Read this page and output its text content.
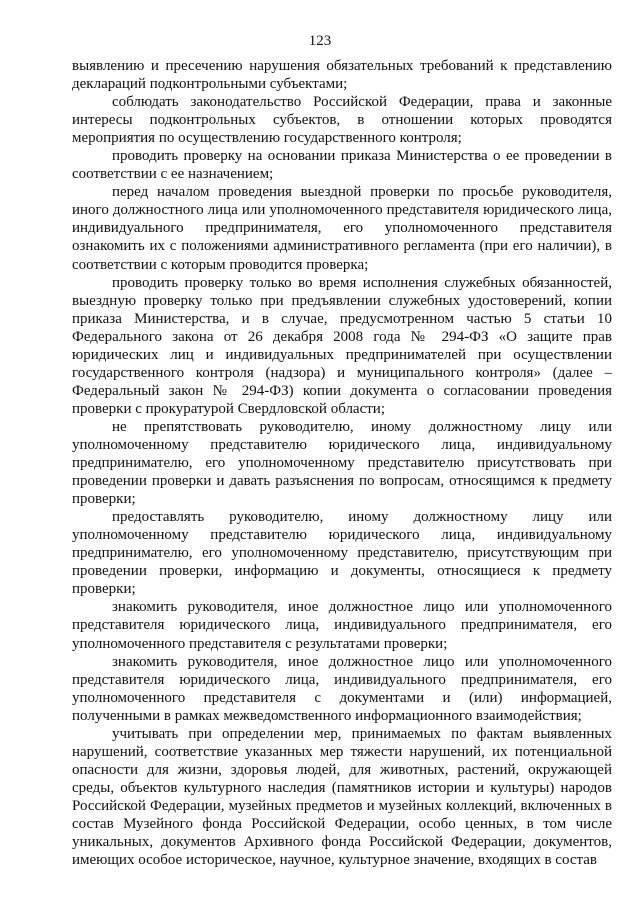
123

выявлению и пресечению нарушения обязательных требований к представлению деклараций подконтрольными субъектами;

соблюдать законодательство Российской Федерации, права и законные интересы подконтрольных субъектов, в отношении которых проводятся мероприятия по осуществлению государственного контроля;

проводить проверку на основании приказа Министерства о ее проведении в соответствии с ее назначением;

перед началом проведения выездной проверки по просьбе руководителя, иного должностного лица или уполномоченного представителя юридического лица, индивидуального предпринимателя, его уполномоченного представителя ознакомить их с положениями административного регламента (при его наличии), в соответствии с которым проводится проверка;

проводить проверку только во время исполнения служебных обязанностей, выездную проверку только при предъявлении служебных удостоверений, копии приказа Министерства, и в случае, предусмотренном частью 5 статьи 10 Федерального закона от 26 декабря 2008 года № 294-ФЗ «О защите прав юридических лиц и индивидуальных предпринимателей при осуществлении государственного контроля (надзора) и муниципального контроля» (далее – Федеральный закон № 294-ФЗ) копии документа о согласовании проведения проверки с прокуратурой Свердловской области;

не препятствовать руководителю, иному должностному лицу или уполномоченному представителю юридического лица, индивидуальному предпринимателю, его уполномоченному представителю присутствовать при проведении проверки и давать разъяснения по вопросам, относящимся к предмету проверки;

предоставлять руководителю, иному должностному лицу или уполномоченному представителю юридического лица, индивидуальному предпринимателю, его уполномоченному представителю, присутствующим при проведении проверки, информацию и документы, относящиеся к предмету проверки;

знакомить руководителя, иное должностное лицо или уполномоченного представителя юридического лица, индивидуального предпринимателя, его уполномоченного представителя с результатами проверки;

знакомить руководителя, иное должностное лицо или уполномоченного представителя юридического лица, индивидуального предпринимателя, его уполномоченного представителя с документами и (или) информацией, полученными в рамках межведомственного информационного взаимодействия;

учитывать при определении мер, принимаемых по фактам выявленных нарушений, соответствие указанных мер тяжести нарушений, их потенциальной опасности для жизни, здоровья людей, для животных, растений, окружающей среды, объектов культурного наследия (памятников истории и культуры) народов Российской Федерации, музейных предметов и музейных коллекций, включенных в состав Музейного фонда Российской Федерации, особо ценных, в том числе уникальных, документов Архивного фонда Российской Федерации, документов, имеющих особое историческое, научное, культурное значение, входящих в состав
